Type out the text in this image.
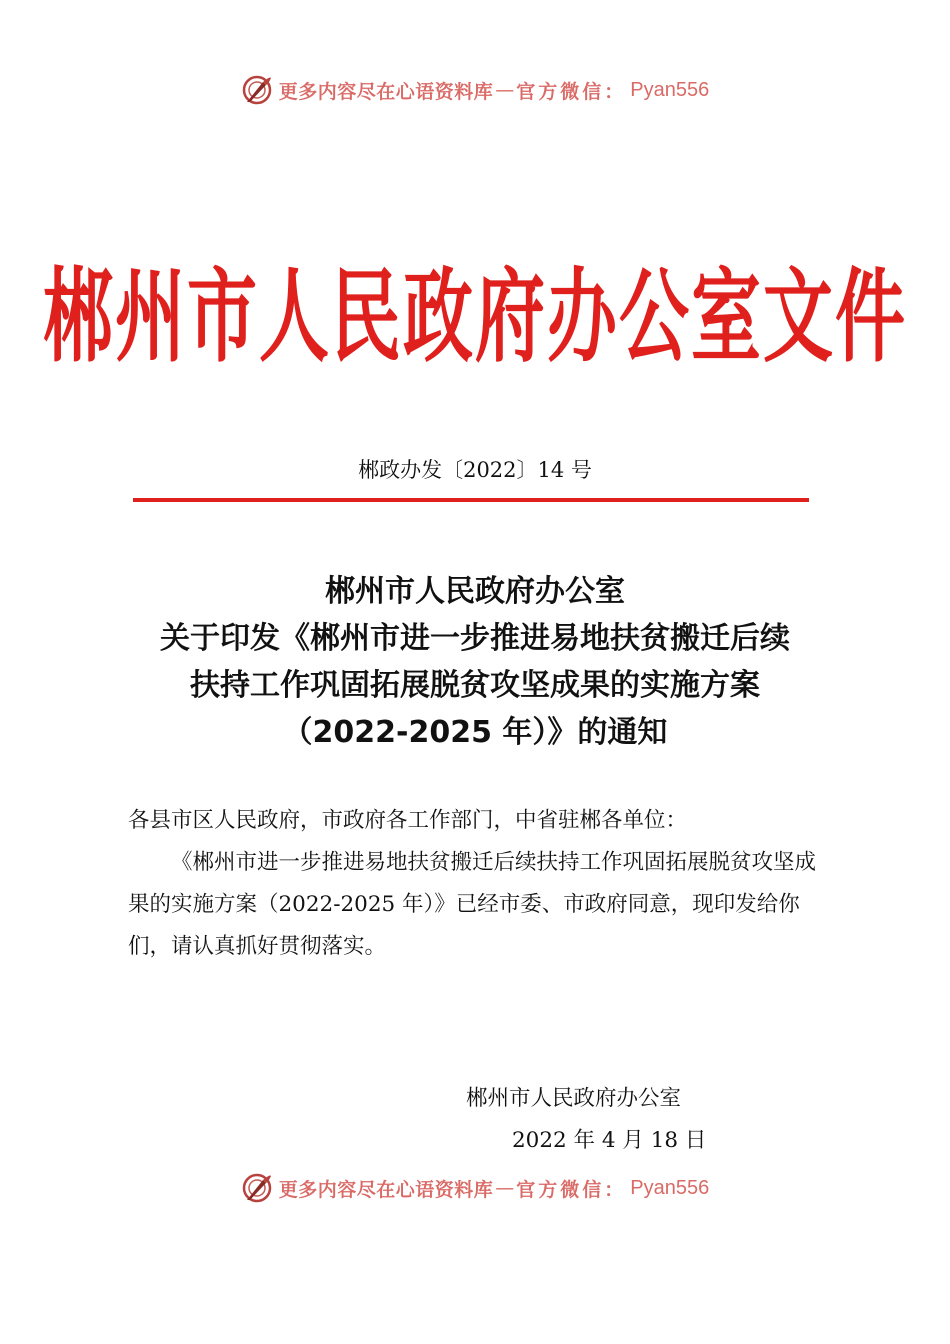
更多内容尽在心语资料库 — 官方微信： Pyan556
郴州市人民政府办公室文件
郴政办发〔2022〕14 号
郴州市人民政府办公室
关于印发《郴州市进一步推进易地扶贫搬迁后续
扶持工作巩固拓展脱贫攻坚成果的实施方案
（2022-2025 年）》的通知
各县市区人民政府，市政府各工作部门，中省驻郴各单位：
《郴州市进一步推进易地扶贫搬迁后续扶持工作巩固拓展脱贫攻坚成果的实施方案（2022-2025 年）》已经市委、市政府同意，现印发给你们，请认真抓好贯彻落实。
郴州市人民政府办公室
2022 年 4 月 18 日
更多内容尽在心语资料库 — 官方微信： Pyan556
